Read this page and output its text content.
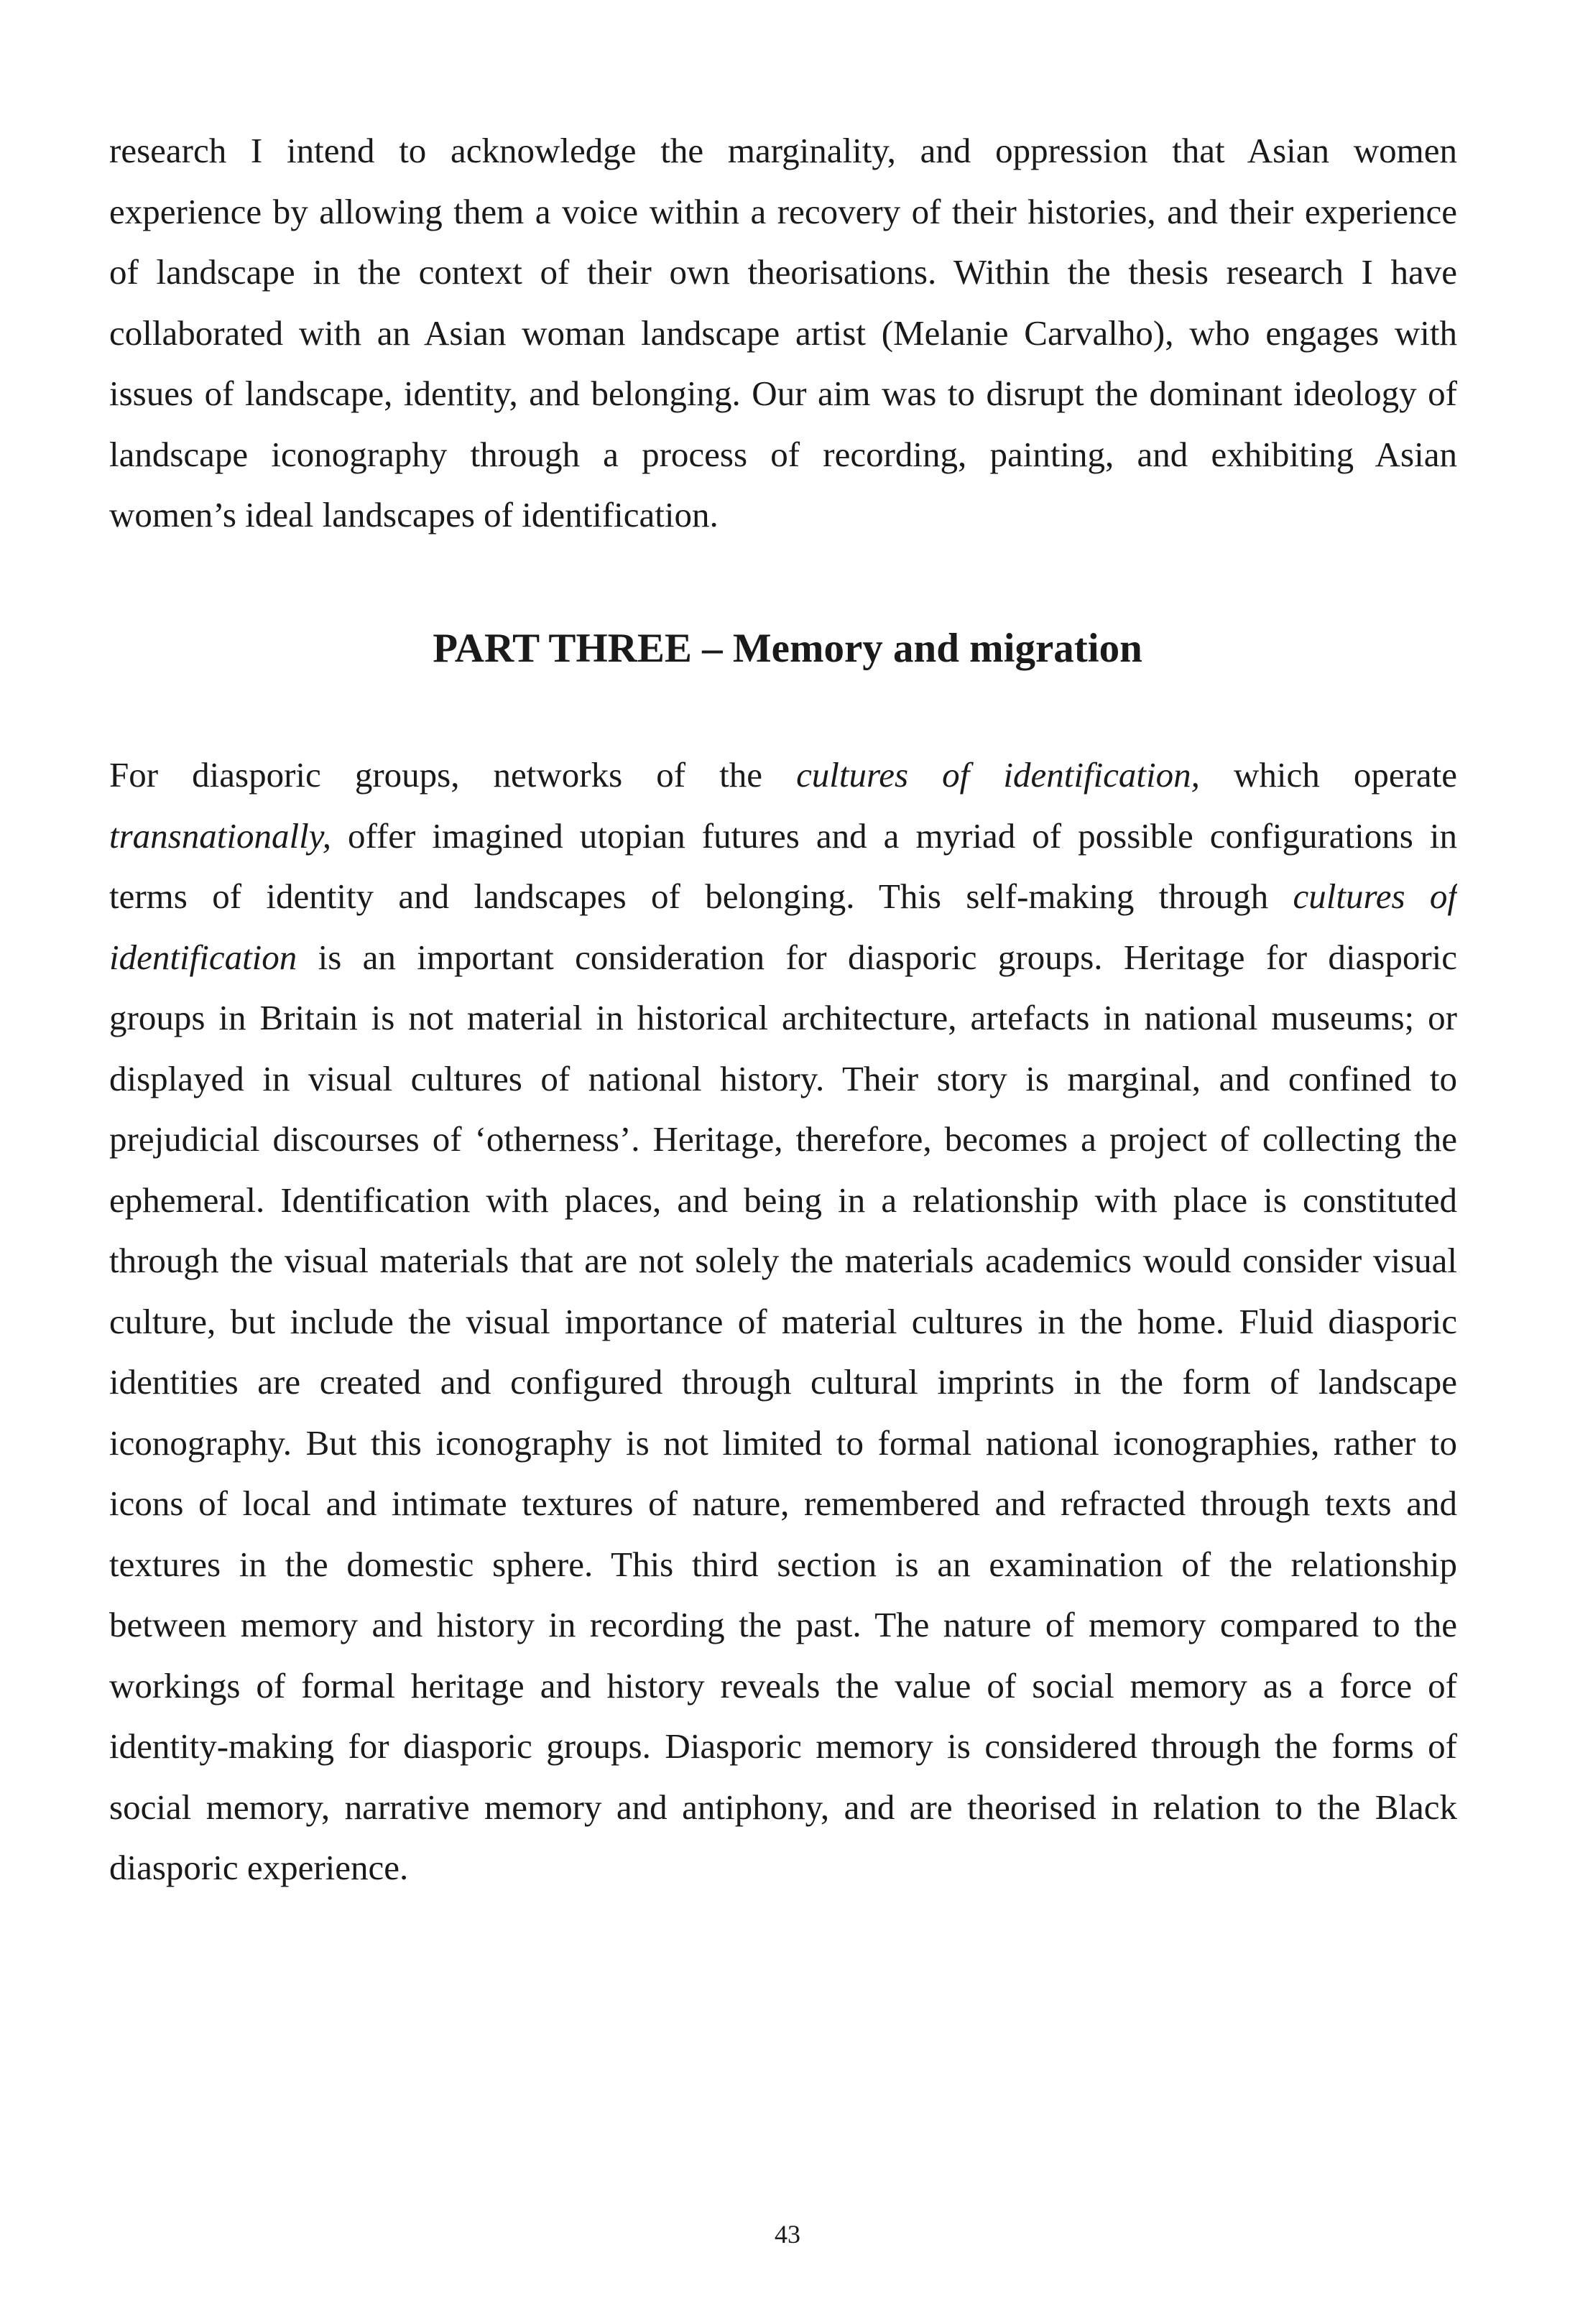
research I intend to acknowledge the marginality, and oppression that Asian women
experience by allowing them a voice within a recovery of their histories, and their experience
of landscape in the context of their own theorisations. Within the thesis research I have
collaborated with an Asian woman landscape artist (Melanie Carvalho), who engages with
issues of landscape, identity, and belonging. Our aim was to disrupt the dominant ideology of
landscape iconography through a process of recording, painting, and exhibiting Asian
women’s ideal landscapes of identification.
PART THREE – Memory and migration
For diasporic groups, networks of the cultures of identification, which operate
transnationally, offer imagined utopian futures and a myriad of possible configurations in
terms of identity and landscapes of belonging. This self-making through cultures of
identification is an important consideration for diasporic groups. Heritage for diasporic
groups in Britain is not material in historical architecture, artefacts in national museums; or
displayed in visual cultures of national history. Their story is marginal, and confined to
prejudicial discourses of ‘otherness’. Heritage, therefore, becomes a project of collecting the
ephemeral. Identification with places, and being in a relationship with place is constituted
through the visual materials that are not solely the materials academics would consider visual
culture, but include the visual importance of material cultures in the home. Fluid diasporic
identities are created and configured through cultural imprints in the form of landscape
iconography. But this iconography is not limited to formal national iconographies, rather to
icons of local and intimate textures of nature, remembered and refracted through texts and
textures in the domestic sphere. This third section is an examination of the relationship
between memory and history in recording the past. The nature of memory compared to the
workings of formal heritage and history reveals the value of social memory as a force of
identity-making for diasporic groups. Diasporic memory is considered through the forms of
social memory, narrative memory and antiphony, and are theorised in relation to the Black
diasporic experience.
43
